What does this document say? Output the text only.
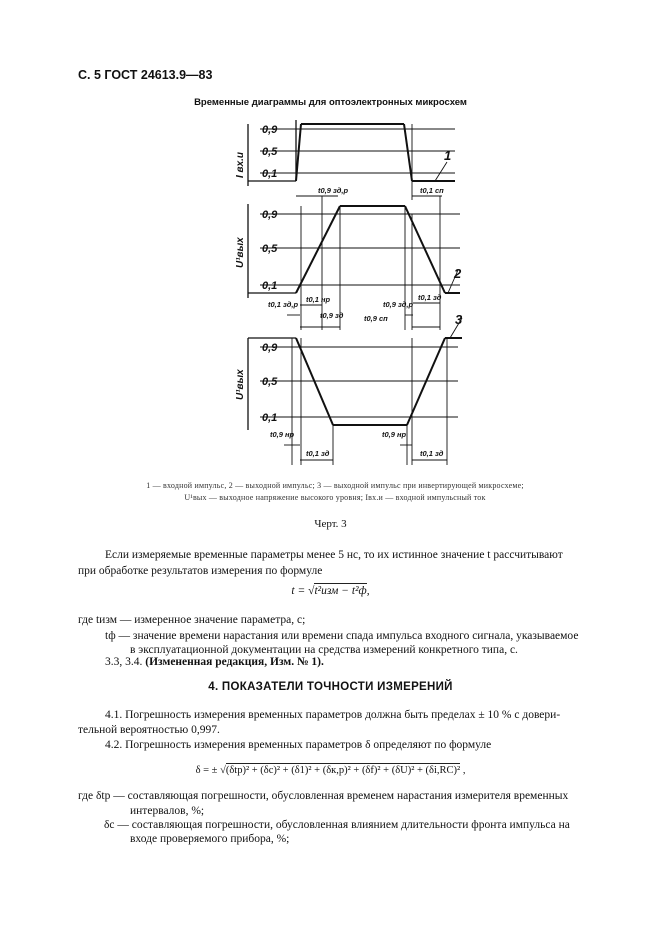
С. 5 ГОСТ 24613.9—83
Временные диаграммы для оптоэлектронных микросхем
0,9
0,5
0,1
0,9
0,5
0,1
0,9
0,5
0,1
I вх.и
U¹вых
U¹вых
1
2
3
t0,9 зд,р	t0,1 сп
t0,1 зд,р
t0,1 нр
t0,9 зд
t0,9 зд,р
t0,9 сп
t0,1 зд
t0,9 нр
t0,1 зд
t0,9 нр
t0,1 зд
1 — входной импульс, 2 — выходной импульс; 3 — выходной импульс при инвертирующей микросхеме;
U¹вых — выходное напряжение высокого уровня; Iвх.и — входной импульсный ток
Черт. 3

Если измеряемые временные параметры менее 5 нс, то их истинное значение t рассчитывают

при обработке результатов измерения по формуле

t = √t²изм − t²ф,

где tизм — измеренное значение параметра, с;

tф — значение времени нарастания или времени спада импульса входного сигнала, указываемое

в эксплуатационной документации на средства измерений конкретного типа, с.

3.3, 3.4. (Измененная редакция, Изм. № 1).

4. ПОКАЗАТЕЛИ ТОЧНОСТИ ИЗМЕРЕНИЙ

4.1. Погрешность измерения временных параметров должна быть пределах ± 10 % с довери-

тельной вероятностью 0,997.

4.2. Погрешность измерения временных параметров δ определяют по формуле

δ = ± √(δtр)² + (δc)² + (δ1)² + (δк,р)² + (δf)² + (δU)² + (δi,RC)² ,

где δtр — составляющая погрешности, обусловленная временем нарастания измерителя временных

интервалов, %;

δc — составляющая погрешности, обусловленная влиянием длительности фронта импульса на

входе проверяемого прибора, %;
